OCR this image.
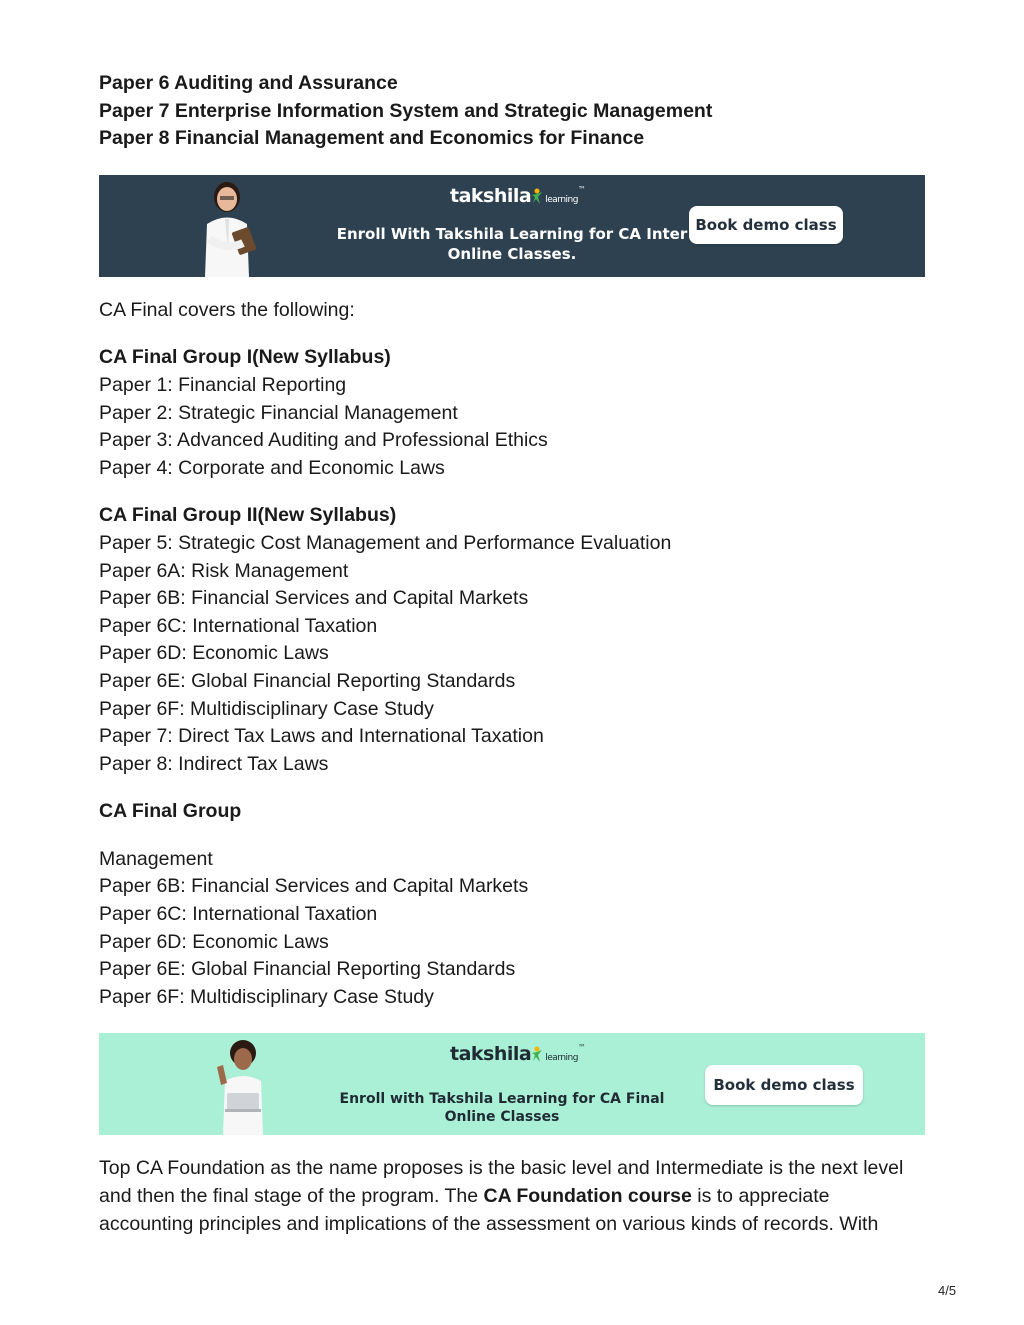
Paper 6 Auditing and Assurance
Paper 7 Enterprise Information System and Strategic Management
Paper 8 Financial Management and Economics for Finance
takshila learning™
Enroll With Takshila Learning for CA Inter
Online Classes.
Book demo class
CA Final covers the following:
CA Final Group I(New Syllabus)
Paper 1: Financial Reporting
Paper 2: Strategic Financial Management
Paper 3: Advanced Auditing and Professional Ethics
Paper 4: Corporate and Economic Laws
CA Final Group II(New Syllabus)
Paper 5: Strategic Cost Management and Performance Evaluation
Paper 6A: Risk Management
Paper 6B: Financial Services and Capital Markets
Paper 6C: International Taxation
Paper 6D: Economic Laws
Paper 6E: Global Financial Reporting Standards
Paper 6F: Multidisciplinary Case Study
Paper 7: Direct Tax Laws and International Taxation
Paper 8: Indirect Tax Laws
CA Final Group
Management
Paper 6B: Financial Services and Capital Markets
Paper 6C: International Taxation
Paper 6D: Economic Laws
Paper 6E: Global Financial Reporting Standards
Paper 6F: Multidisciplinary Case Study
takshila learning™
Enroll with Takshila Learning for CA Final
Online Classes
Book demo class
Top CA Foundation as the name proposes is the basic level and Intermediate is the next level and then the final stage of the program. The CA Foundation course is to appreciate accounting principles and implications of the assessment on various kinds of records. With
4/5
